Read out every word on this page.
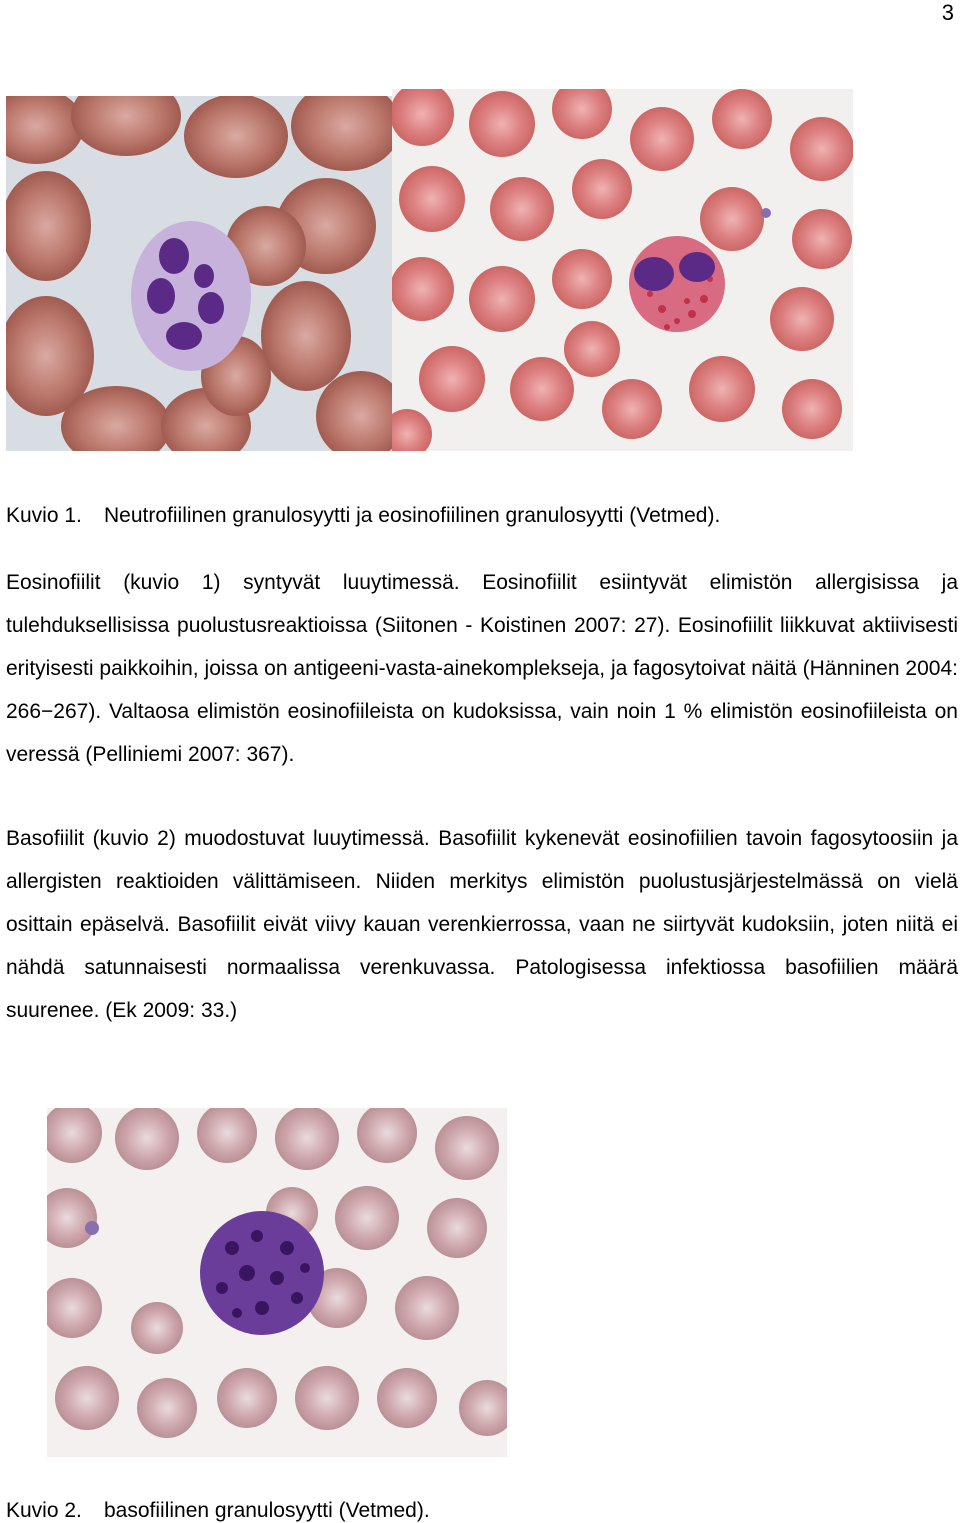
3
Kuvio 1. Neutrofiilinen granulosyytti ja eosinofiilinen granulosyytti (Vetmed).

Eosinofiilit (kuvio 1) syntyvät luuytimessä. Eosinofiilit esiintyvät elimistön allergisissa ja tulehduksellisissa puolustusreaktioissa (Siitonen - Koistinen 2007: 27). Eosinofiilit liikkuvat aktiivisesti erityisesti paikkoihin, joissa on antigeeni-vasta-ainekomplekseja, ja fagosytoivat näitä (Hänninen 2004: 266−267). Valtaosa elimistön eosinofiileista on kudoksissa, vain noin 1 % elimistön eosinofiileista on veressä (Pelliniemi 2007: 367).

Basofiilit (kuvio 2) muodostuvat luuytimessä. Basofiilit kykenevät eosinofiilien tavoin fagosytoosiin ja allergisten reaktioiden välittämiseen. Niiden merkitys elimistön puolustusjärjestelmässä on vielä osittain epäselvä. Basofiilit eivät viivy kauan verenkierrossa, vaan ne siirtyvät kudoksiin, joten niitä ei nähdä satunnaisesti normaalissa verenkuvassa. Patologisessa infektiossa basofiilien määrä suurenee. (Ek 2009: 33.)

Kuvio 2. basofiilinen granulosyytti (Vetmed).
